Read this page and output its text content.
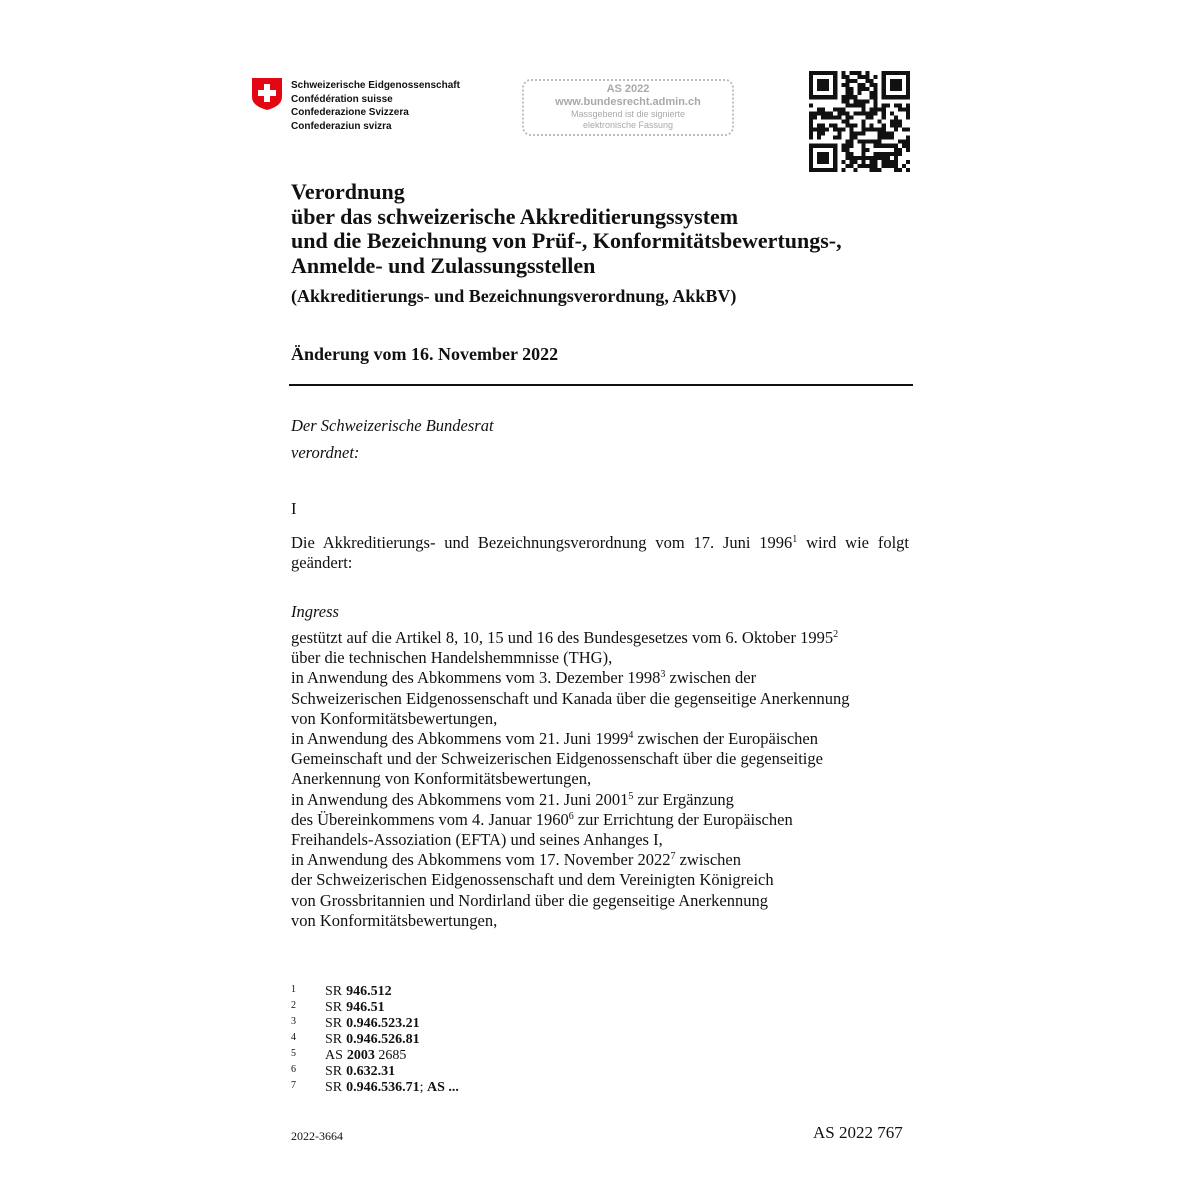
Schweizerische Eidgenossenschaft
Confédération suisse
Confederazione Svizzera
Confederaziun svizra
AS 2022
www.bundesrecht.admin.ch
Massgebend ist die signierte
elektronische Fassung
Verordnung
über das schweizerische Akkreditierungssystem
und die Bezeichnung von Prüf-, Konformitätsbewertungs-,
Anmelde- und Zulassungsstellen
(Akkreditierungs- und Bezeichnungsverordnung, AkkBV)
Änderung vom 16. November 2022
Der Schweizerische Bundesrat
verordnet:
I
Die Akkreditierungs- und Bezeichnungsverordnung vom 17. Juni 1996$^1$ wird wie folgt geändert:
Ingress
gestützt auf die Artikel 8, 10, 15 und 16 des Bundesgesetzes vom 6. Oktober 1995$^2$
über die technischen Handelshemmnisse (THG),
in Anwendung des Abkommens vom 3. Dezember 1998$^3$ zwischen der
Schweizerischen Eidgenossenschaft und Kanada über die gegenseitige Anerkennung
von Konformitätsbewertungen,
in Anwendung des Abkommens vom 21. Juni 1999$^4$ zwischen der Europäischen
Gemeinschaft und der Schweizerischen Eidgenossenschaft über die gegenseitige
Anerkennung von Konformitätsbewertungen,
in Anwendung des Abkommens vom 21. Juni 2001$^5$ zur Ergänzung
des Übereinkommens vom 4. Januar 1960$^6$ zur Errichtung der Europäischen
Freihandels-Assoziation (EFTA) und seines Anhanges I,
in Anwendung des Abkommens vom 17. November 2022$^7$ zwischen
der Schweizerischen Eidgenossenschaft und dem Vereinigten Königreich
von Grossbritannien und Nordirland über die gegenseitige Anerkennung
von Konformitätsbewertungen,
1	SR 946.512
2	SR 946.51
3	SR 0.946.523.21
4	SR 0.946.526.81
5	AS 2003 2685
6	SR 0.632.31
7	SR 0.946.536.71; AS ...
2022-3664	AS 2022 767
